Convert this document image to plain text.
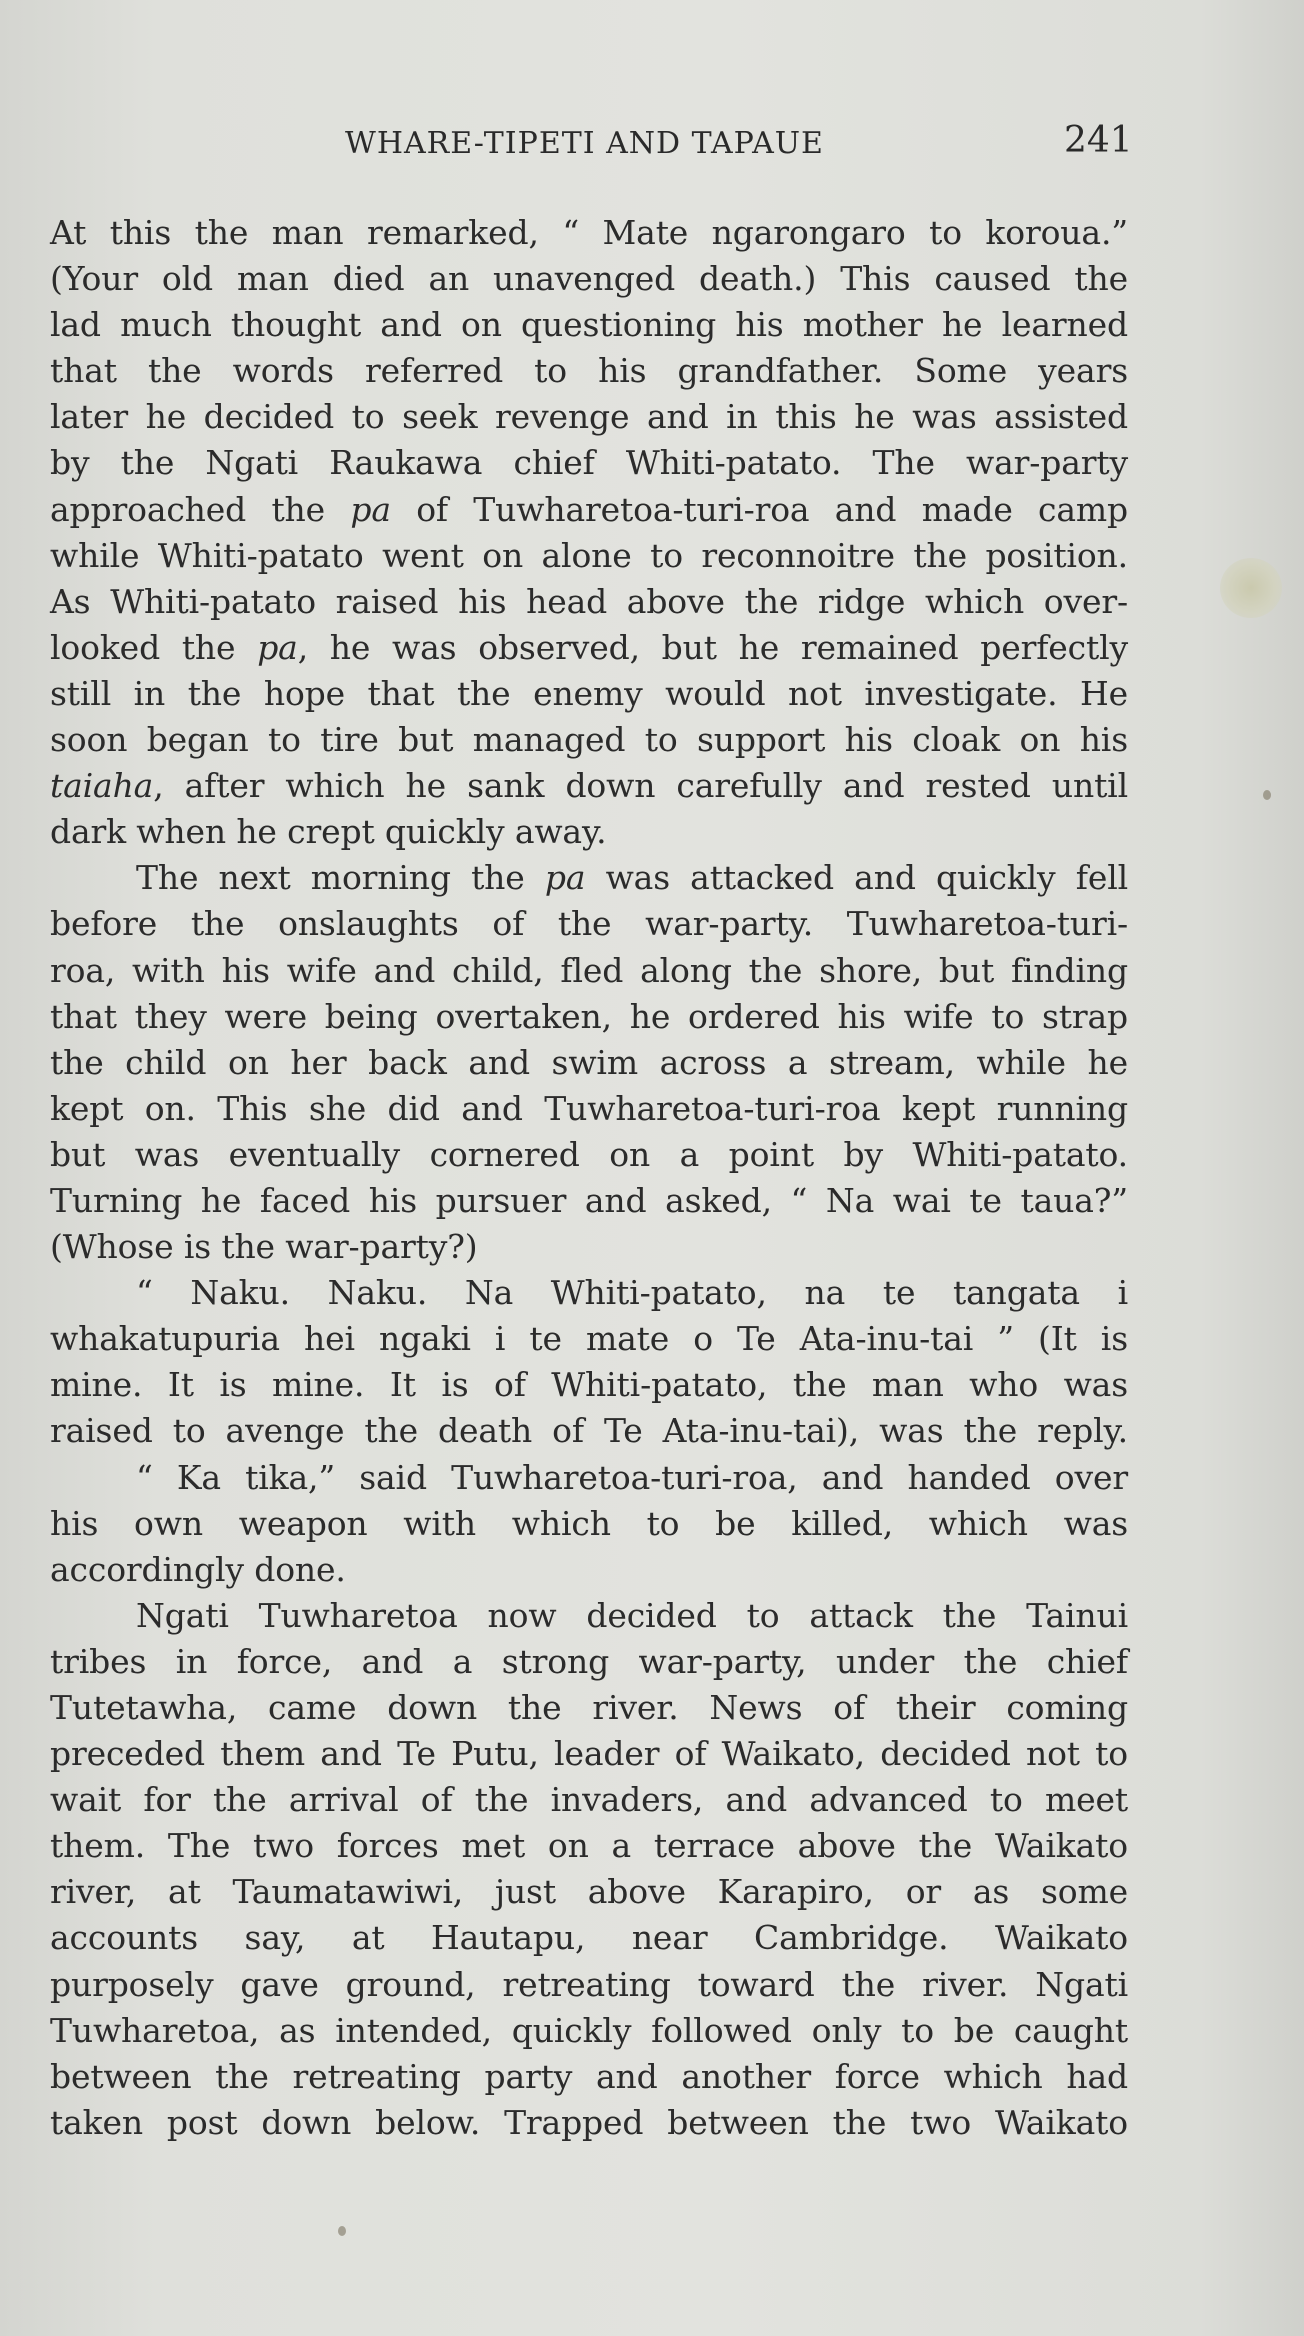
WHARE-TIPETI AND TAPAUE	241
At this the man remarked, “ Mate ngarongaro to koroua.”
(Your old man died an unavenged death.) This caused the
lad much thought and on questioning his mother he learned
that the words referred to his grandfather. Some years
later he decided to seek revenge and in this he was assisted
by the Ngati Raukawa chief Whiti-patato. The war-party
approached the pa of Tuwharetoa-turi-roa and made camp
while Whiti-patato went on alone to reconnoitre the position.
As Whiti-patato raised his head above the ridge which over-
looked the pa, he was observed, but he remained perfectly
still in the hope that the enemy would not investigate. He
soon began to tire but managed to support his cloak on his
taiaha, after which he sank down carefully and rested until
dark when he crept quickly away.
The next morning the pa was attacked and quickly fell
before the onslaughts of the war-party. Tuwharetoa-turi-
roa, with his wife and child, fled along the shore, but finding
that they were being overtaken, he ordered his wife to strap
the child on her back and swim across a stream, while he
kept on. This she did and Tuwharetoa-turi-roa kept running
but was eventually cornered on a point by Whiti-patato.
Turning he faced his pursuer and asked, “ Na wai te taua?”
(Whose is the war-party?)
“ Naku. Naku. Na Whiti-patato, na te tangata i
whakatupuria hei ngaki i te mate o Te Ata-inu-tai ” (It is
mine. It is mine. It is of Whiti-patato, the man who was
raised to avenge the death of Te Ata-inu-tai), was the reply.
“ Ka tika,” said Tuwharetoa-turi-roa, and handed over
his own weapon with which to be killed, which was
accordingly done.
Ngati Tuwharetoa now decided to attack the Tainui
tribes in force, and a strong war-party, under the chief
Tutetawha, came down the river. News of their coming
preceded them and Te Putu, leader of Waikato, decided not to
wait for the arrival of the invaders, and advanced to meet
them. The two forces met on a terrace above the Waikato
river, at Taumatawiwi, just above Karapiro, or as some
accounts say, at Hautapu, near Cambridge. Waikato
purposely gave ground, retreating toward the river. Ngati
Tuwharetoa, as intended, quickly followed only to be caught
between the retreating party and another force which had
taken post down below. Trapped between the two Waikato
